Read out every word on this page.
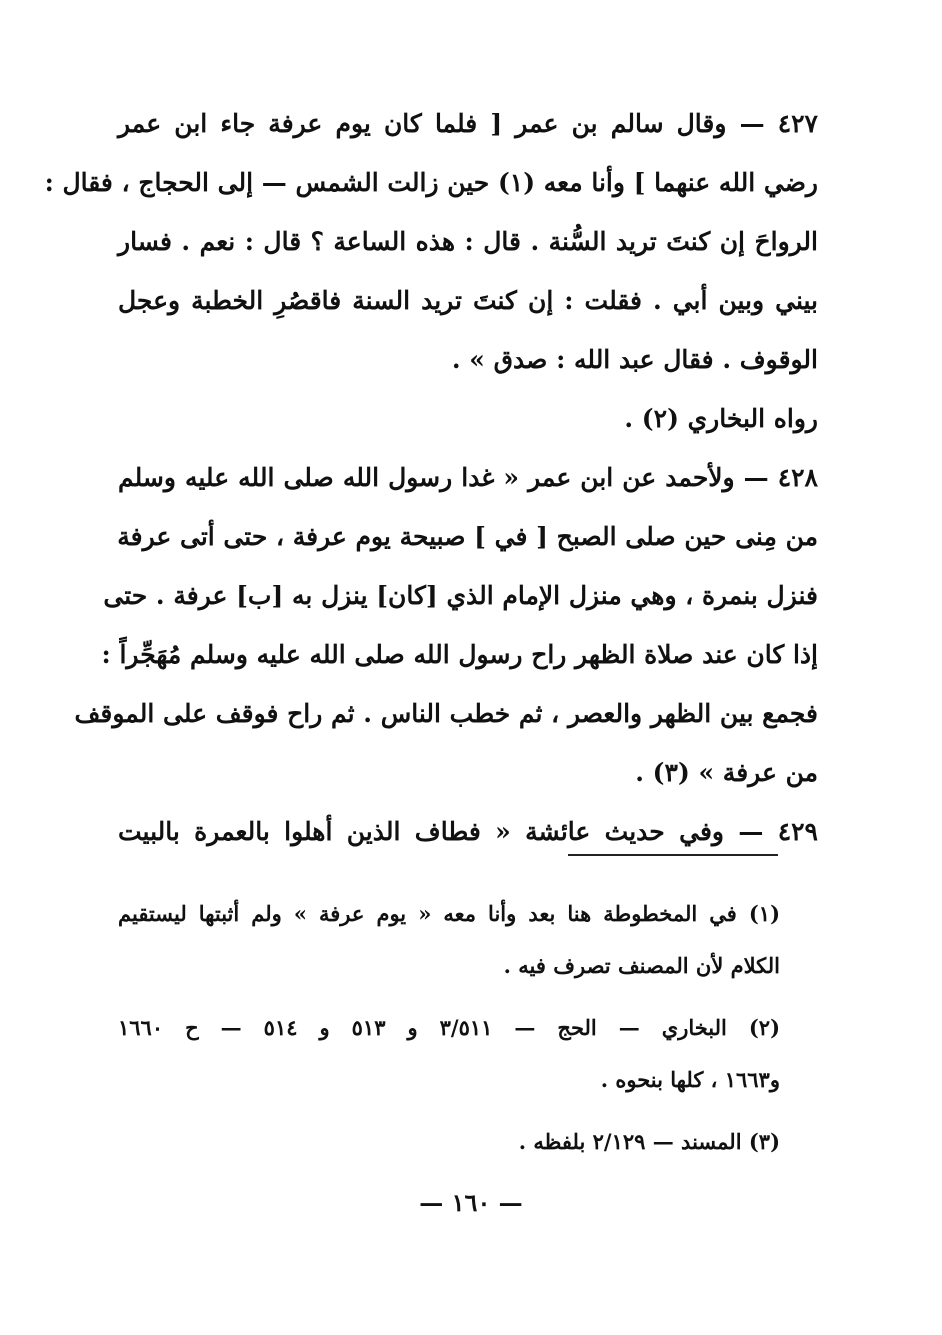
٤٢٧ — وقال سالم بن عمر [ فلما كان يوم عرفة جاء ابن عمر
رضي الله عنهما ] وأنا معه (١) حين زالت الشمس — إلى الحجاج ، فقال :
الرواحَ إن كنتَ تريد السُّنة . قال : هذه الساعة ؟ قال : نعم . فسار
بيني وبين أبي . فقلت : إن كنتَ تريد السنة فاقصُرِ الخطبة وعجل
الوقوف . فقال عبد الله : صدق » .
رواه البخاري (٢) .
٤٢٨ — ولأحمد عن ابن عمر « غدا رسول الله صلى الله عليه وسلم
من مِنى حين صلى الصبح [ في ] صبيحة يوم عرفة ، حتى أتى عرفة
فنزل بنمرة ، وهي منزل الإمام الذي [كان] ينزل به [ب] عرفة . حتى
إذا كان عند صلاة الظهر راح رسول الله صلى الله عليه وسلم مُهَجِّراً :
فجمع بين الظهر والعصر ، ثم خطب الناس . ثم راح فوقف على الموقف
من عرفة » (٣) .
٤٢٩ — وفي حديث عائشة « فطاف الذين أهلوا بالعمرة بالبيت
(١) في المخطوطة هنا بعد وأنا معه « يوم عرفة » ولم أثبتها ليستقيم
الكلام لأن المصنف تصرف فيه .
(٢) البخاري — الحج — ٣/٥١١ و ٥١٣ و ٥١٤ — ح ١٦٦٠
و١٦٦٣ ، كلها بنحوه .
(٣) المسند — ٢/١٢٩ بلفظه .
— ١٦٠ —
